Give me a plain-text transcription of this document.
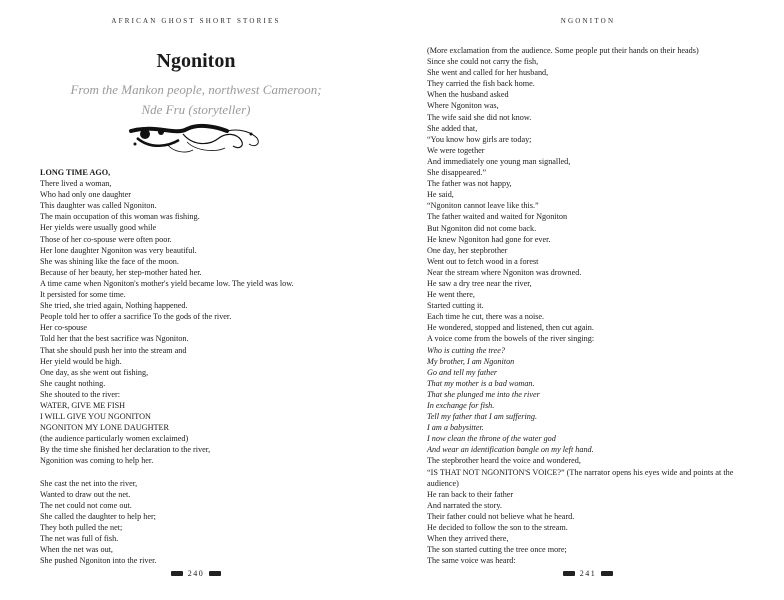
AFRICAN GHOST SHORT STORIES
Ngoniton

From the Mankon people, northwest Cameroon;

Nde Fru (storyteller)

LONG TIME AGO,
There lived a woman,
Who had only one daughter
This daughter was called Ngoniton.
The main occupation of this woman was fishing.
Her yields were usually good while
Those of her co-spouse were often poor.
Her lone daughter Ngoniton was very beautiful.
She was shining like the face of the moon.
Because of her beauty, her step-mother hated her.
A time came when Ngoniton's mother's yield became low. The yield was low.
It persisted for some time.
She tried, she tried again, Nothing happened.
People told her to offer a sacrifice To the gods of the river.
Her co-spouse
Told her that the best sacrifice was Ngoniton.
That she should push her into the stream and
Her yield would be high.
One day, as she went out fishing,
She caught nothing.
She shouted to the river:
WATER, GIVE ME FISH
I WILL GIVE YOU NGONITON
NGONITON MY LONE DAUGHTER
(the audience particularly women exclaimed)
By the time she finished her declaration to the river,
Ngonition was coming to help her.
She cast the net into the river,
Wanted to draw out the net.
The net could not come out.
She called the daughter to help her;
They both pulled the net;
The net was full of fish.
When the net was out,
She pushed Ngoniton into the river.
240
NGONITON
(More exclamation from the audience. Some people put their hands on their heads)
Since she could not carry the fish,
She went and called for her husband,
They carried the fish back home.
When the husband asked
Where Ngoniton was,
The wife said she did not know.
She added that,
“You know how girls are today;
We were together
And immediately one young man signalled,
She disappeared.”
The father was not happy,
He said,
“Ngoniton cannot leave like this.”
The father waited and waited for Ngoniton
But Ngoniton did not come back.
He knew Ngoniton had gone for ever.
One day, her stepbrother
Went out to fetch wood in a forest
Near the stream where Ngoniton was drowned.
He saw a dry tree near the river,
He went there,
Started cutting it.
Each time he cut, there was a noise.
He wondered, stopped and listened, then cut again.
A voice come from the bowels of the river singing:
Who is cutting the tree?
My brother, I am Ngoniton
Go and tell my father
That my mother is a bad woman.
That she plunged me into the river
In exchange for fish.
Tell my father that I am suffering.
I am a babysitter.
I now clean the throne of the water god
And wear an identification bangle on my left hand.
The stepbrother heard the voice and wondered,
“IS THAT NOT NGONITON'S VOICE?” (The narrator opens his eyes wide and points at the audience)
He ran back to their father
And narrated the story.
Their father could not believe what he heard.
He decided to follow the son to the stream.
When they arrived there,
The son started cutting the tree once more;
The same voice was heard:
241
